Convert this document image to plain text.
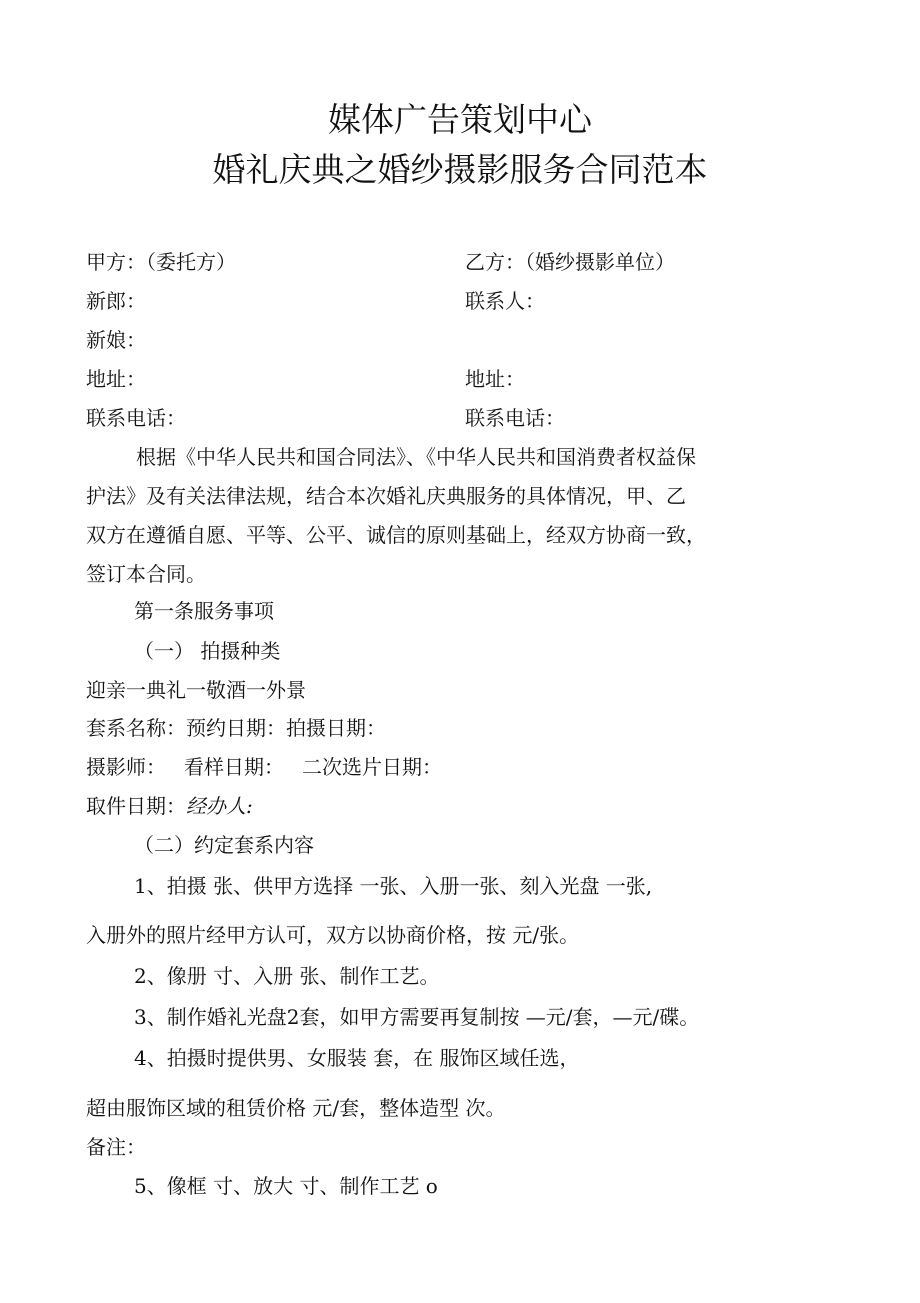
媒体广告策划中心
婚礼庆典之婚纱摄影服务合同范本
甲方：（委托方）	乙方：（婚纱摄影单位）
新郎：	联系人：
新娘：
地址：	地址：
联系电话：	联系电话：
根据《中华人民共和国合同法》、《中华人民共和国消费者权益保
护法》及有关法律法规，结合本次婚礼庆典服务的具体情况，甲、乙
双方在遵循自愿、平等、公平、诚信的原则基础上，经双方协商一致，
签订本合同。
第一条服务事项
（一） 拍摄种类
迎亲一典礼一敬酒一外景
套系名称：预约日期：拍摄日期：
摄影师： 看样日期： 二次选片日期：
取件日期：经办人:
（二）约定套系内容
1、拍摄 张、供甲方选择 一张、入册一张、刻入光盘 一张,
入册外的照片经甲方认可，双方以协商价格，按 元/张。
2、像册 寸、入册 张、制作工艺。
3、制作婚礼光盘2套，如甲方需要再复制按 —元/套，—元/碟。
4、拍摄时提供男、女服装 套，在 服饰区域任选，
超由服饰区域的租赁价格 元/套，整体造型 次。
备注：
5、像框 寸、放大 寸、制作工艺 o
